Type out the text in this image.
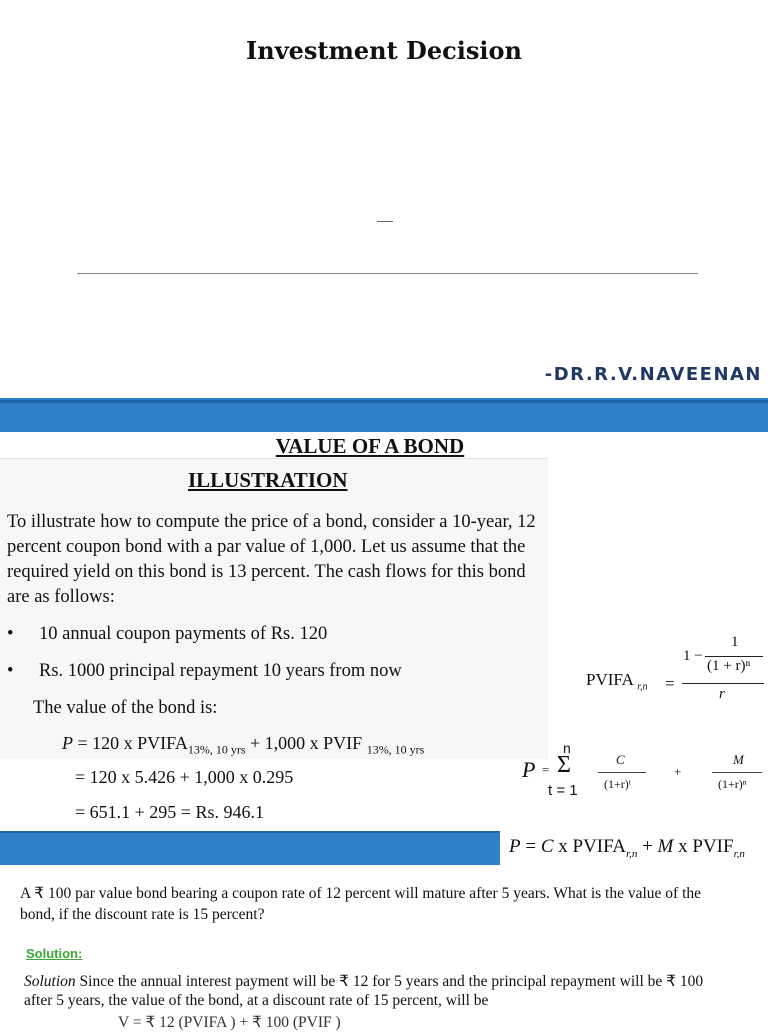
Investment Decision
-DR.R.V.NAVEENAN
VALUE OF A BOND
ILLUSTRATION
To illustrate how to compute the price of a bond, consider a 10-year, 12 percent coupon bond with a par value of 1,000. Let us assume that the required yield on this bond is 13 percent. The cash flows for this bond are as follows:
• 10 annual coupon payments of Rs. 120
• Rs. 1000 principal repayment 10 years from now
The value of the bond is:
P = 120 x $PVIFA_{13\%, 10 yrs} + 1,000$ x PVIF $_{13\%, 10 yrs}$
= 120 x 5.426 + 1,000 x 0.295
= 651.1 + 295 = Rs. 946.1
PVIFA $_{r,n}$ =
1 −
1
(1 + r)ⁿ
r
P =
n
Σ
t = 1
C
(1+r)ᵗ
+
M
(1+r)ⁿ
P = C x $PVIFA_{r,n} + M$ x $PVIF_{r,n}$
A ₹ 100 par value bond bearing a coupon rate of 12 percent will mature after 5 years. What is the value of the bond, if the discount rate is 15 percent?
Solution:
Solution Since the annual interest payment will be ₹ 12 for 5 years and the principal repayment will be ₹ 100 after 5 years, the value of the bond, at a discount rate of 15 percent, will be
V = ₹ 12 (PVIFA ) + ₹ 100 (PVIF )
